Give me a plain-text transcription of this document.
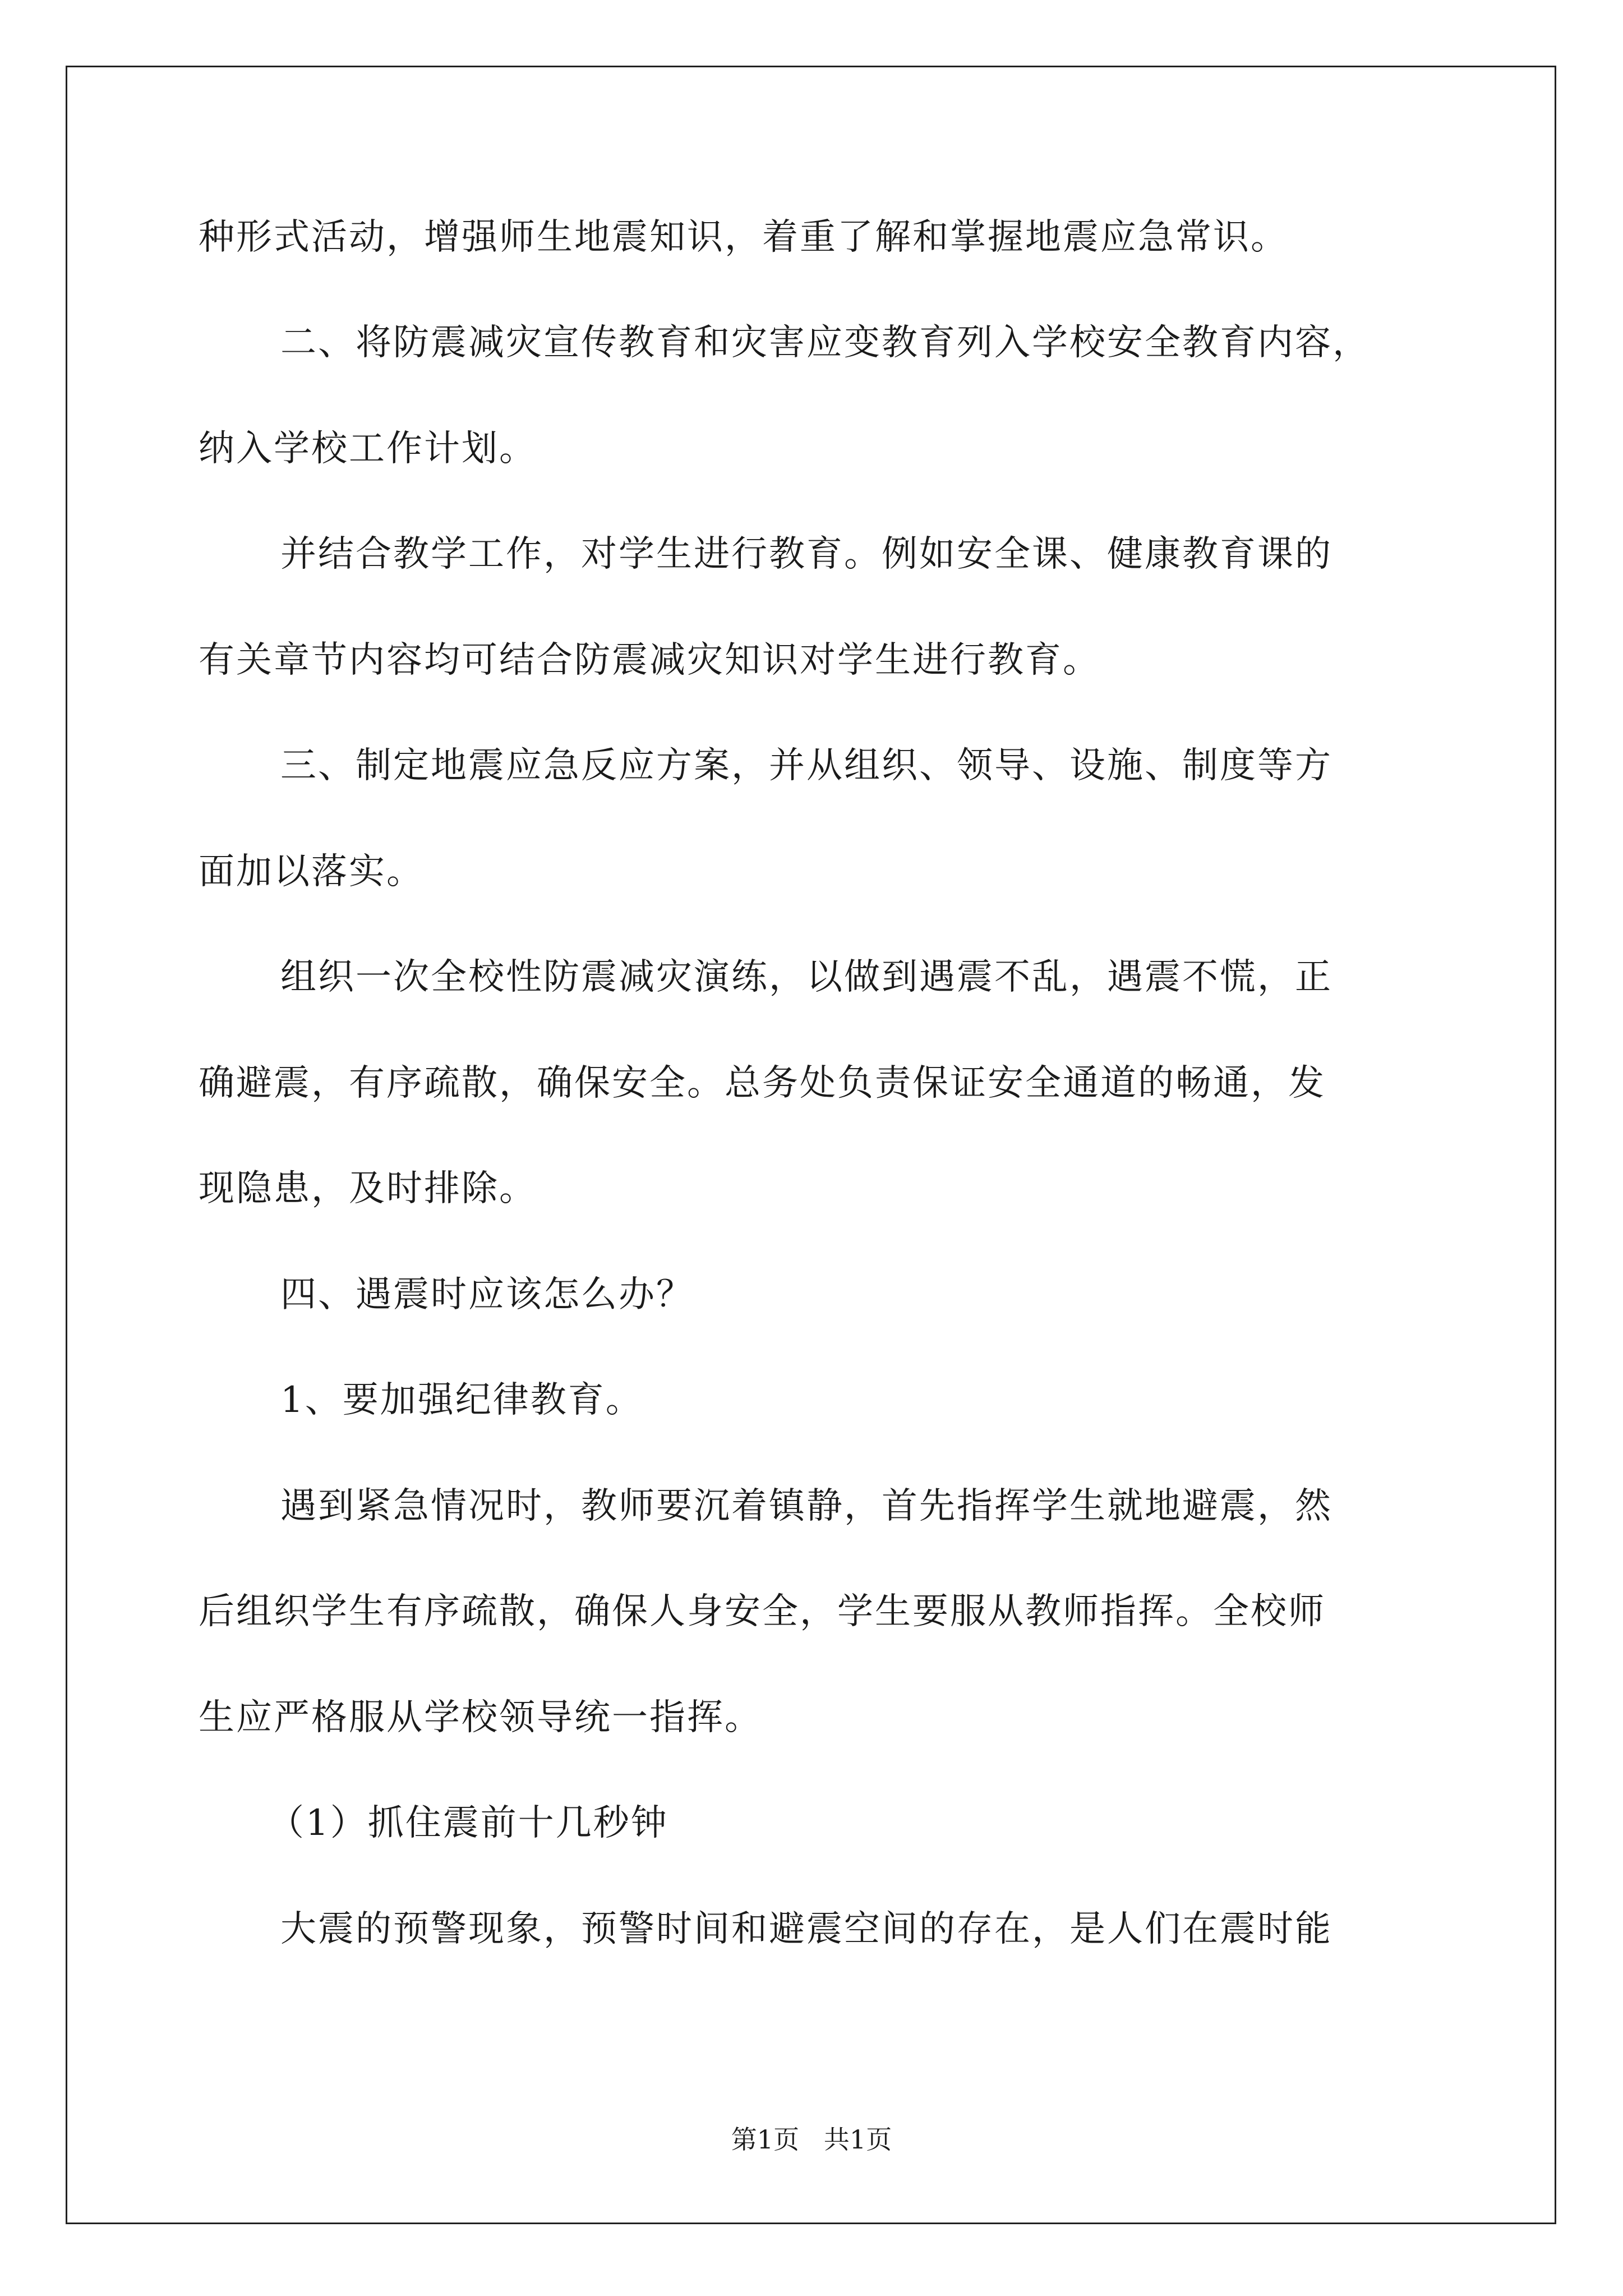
种形式活动，增强师生地震知识，着重了解和掌握地震应急常识。
二、将防震减灾宣传教育和灾害应变教育列入学校安全教育内容，
纳入学校工作计划。
并结合教学工作，对学生进行教育。例如安全课、健康教育课的
有关章节内容均可结合防震减灾知识对学生进行教育。
三、制定地震应急反应方案，并从组织、领导、设施、制度等方
面加以落实。
组织一次全校性防震减灾演练，以做到遇震不乱，遇震不慌，正
确避震，有序疏散，确保安全。总务处负责保证安全通道的畅通，发
现隐患，及时排除。
四、遇震时应该怎么办？
1、要加强纪律教育。
遇到紧急情况时，教师要沉着镇静，首先指挥学生就地避震，然
后组织学生有序疏散，确保人身安全，学生要服从教师指挥。全校师
生应严格服从学校领导统一指挥。
（1）抓住震前十几秒钟
大震的预警现象，预警时间和避震空间的存在，是人们在震时能
第1页   共1页
